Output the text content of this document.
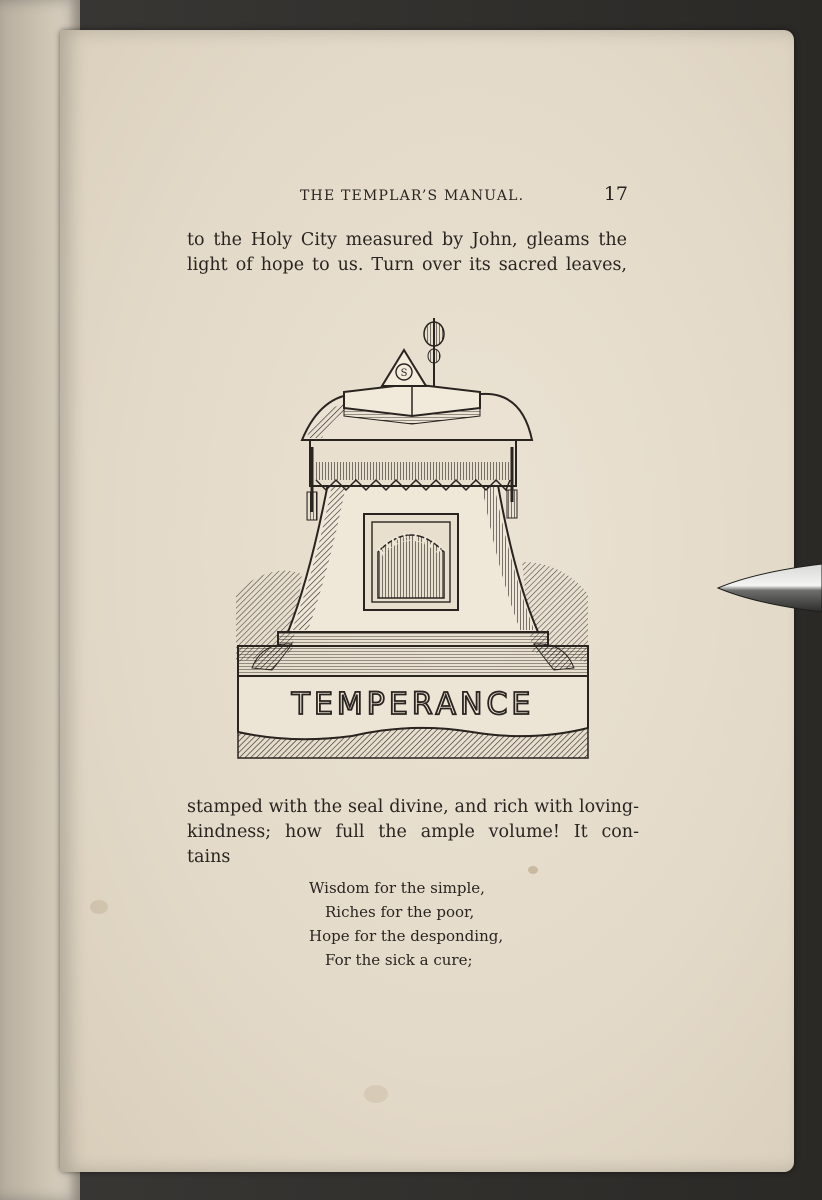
THE TEMPLAR’S MANUAL.	17

to the Holy City measured by John, gleams the

light of hope to us. Turn over its sacred leaves,

S
FIDELITY
TEMPERANCE

stamped with the seal divine, and rich with loving-

kindness; how full the ample volume! It con-

tains

Wisdom for the simple,
Riches for the poor,
Hope for the desponding,
For the sick a cure;
